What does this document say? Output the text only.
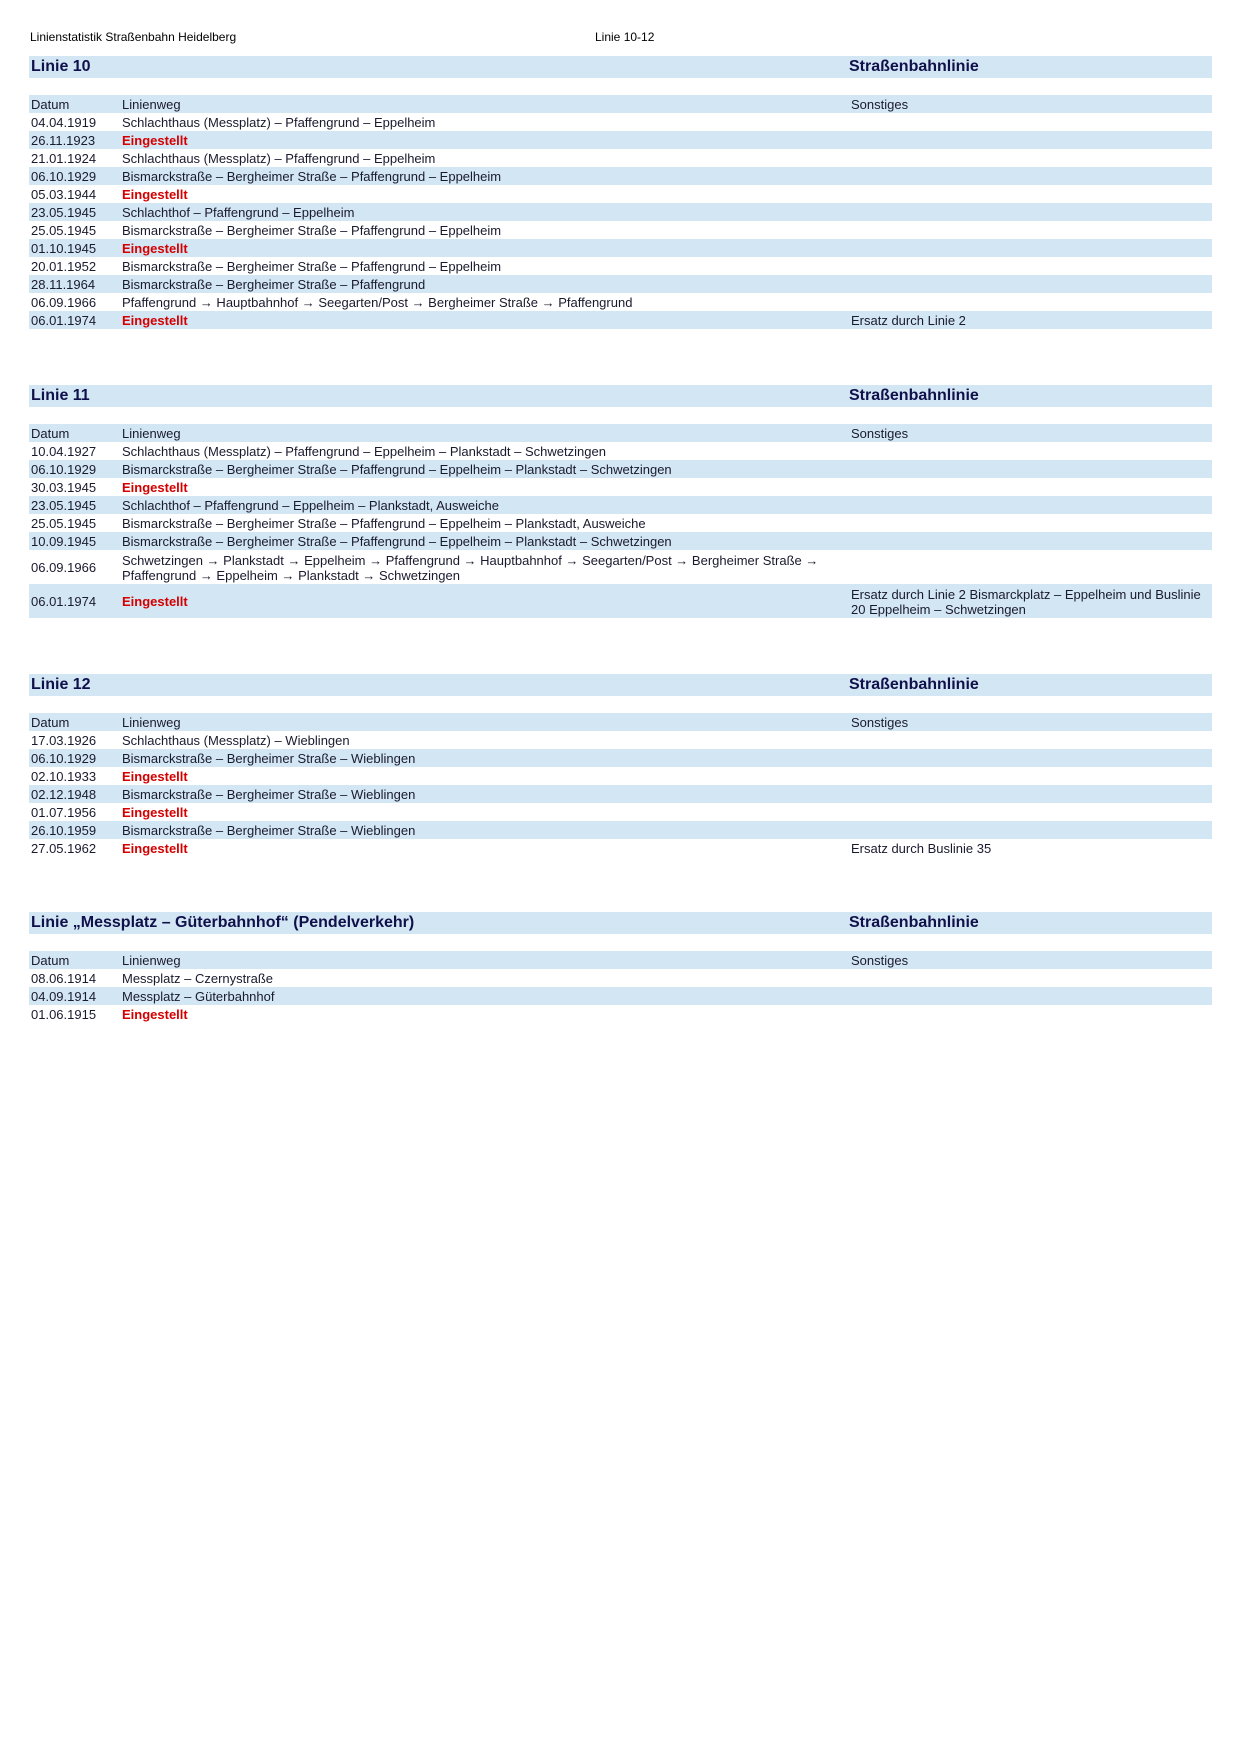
Linienstatistik Straßenbahn Heidelberg	Linie 10-12
Linie 10	Straßenbahnlinie
Datum	Linienweg	Sonstiges
04.04.1919	Schlachthaus (Messplatz) – Pfaffengrund – Eppelheim	
26.11.1923	Eingestellt	
21.01.1924	Schlachthaus (Messplatz) – Pfaffengrund – Eppelheim	
06.10.1929	Bismarckstraße – Bergheimer Straße – Pfaffengrund – Eppelheim	
05.03.1944	Eingestellt	
23.05.1945	Schlachthof – Pfaffengrund – Eppelheim	
25.05.1945	Bismarckstraße – Bergheimer Straße – Pfaffengrund – Eppelheim	
01.10.1945	Eingestellt	
20.01.1952	Bismarckstraße – Bergheimer Straße – Pfaffengrund – Eppelheim	
28.11.1964	Bismarckstraße – Bergheimer Straße – Pfaffengrund	
06.09.1966	Pfaffengrund → Hauptbahnhof → Seegarten/Post → Bergheimer Straße → Pfaffengrund	
06.01.1974	Eingestellt	Ersatz durch Linie 2
Linie 11	Straßenbahnlinie
Datum	Linienweg	Sonstiges
10.04.1927	Schlachthaus (Messplatz) – Pfaffengrund – Eppelheim – Plankstadt – Schwetzingen	
06.10.1929	Bismarckstraße – Bergheimer Straße – Pfaffengrund – Eppelheim – Plankstadt – Schwetzingen	
30.03.1945	Eingestellt	
23.05.1945	Schlachthof – Pfaffengrund – Eppelheim – Plankstadt, Ausweiche	
25.05.1945	Bismarckstraße – Bergheimer Straße – Pfaffengrund – Eppelheim – Plankstadt, Ausweiche	
10.09.1945	Bismarckstraße – Bergheimer Straße – Pfaffengrund – Eppelheim – Plankstadt – Schwetzingen	
06.09.1966	Schwetzingen → Plankstadt → Eppelheim → Pfaffengrund → Hauptbahnhof → Seegarten/Post → Bergheimer Straße → Pfaffengrund → Eppelheim → Plankstadt → Schwetzingen	
06.01.1974	Eingestellt	Ersatz durch Linie 2 Bismarckplatz – Eppelheim und Buslinie 20 Eppelheim – Schwetzingen
Linie 12	Straßenbahnlinie
Datum	Linienweg	Sonstiges
17.03.1926	Schlachthaus (Messplatz) – Wieblingen	
06.10.1929	Bismarckstraße – Bergheimer Straße – Wieblingen	
02.10.1933	Eingestellt	
02.12.1948	Bismarckstraße – Bergheimer Straße – Wieblingen	
01.07.1956	Eingestellt	
26.10.1959	Bismarckstraße – Bergheimer Straße – Wieblingen	
27.05.1962	Eingestellt	Ersatz durch Buslinie 35
Linie „Messplatz – Güterbahnhof“ (Pendelverkehr)	Straßenbahnlinie
Datum	Linienweg	Sonstiges
08.06.1914	Messplatz – Czernystraße	
04.09.1914	Messplatz – Güterbahnhof	
01.06.1915	Eingestellt	
